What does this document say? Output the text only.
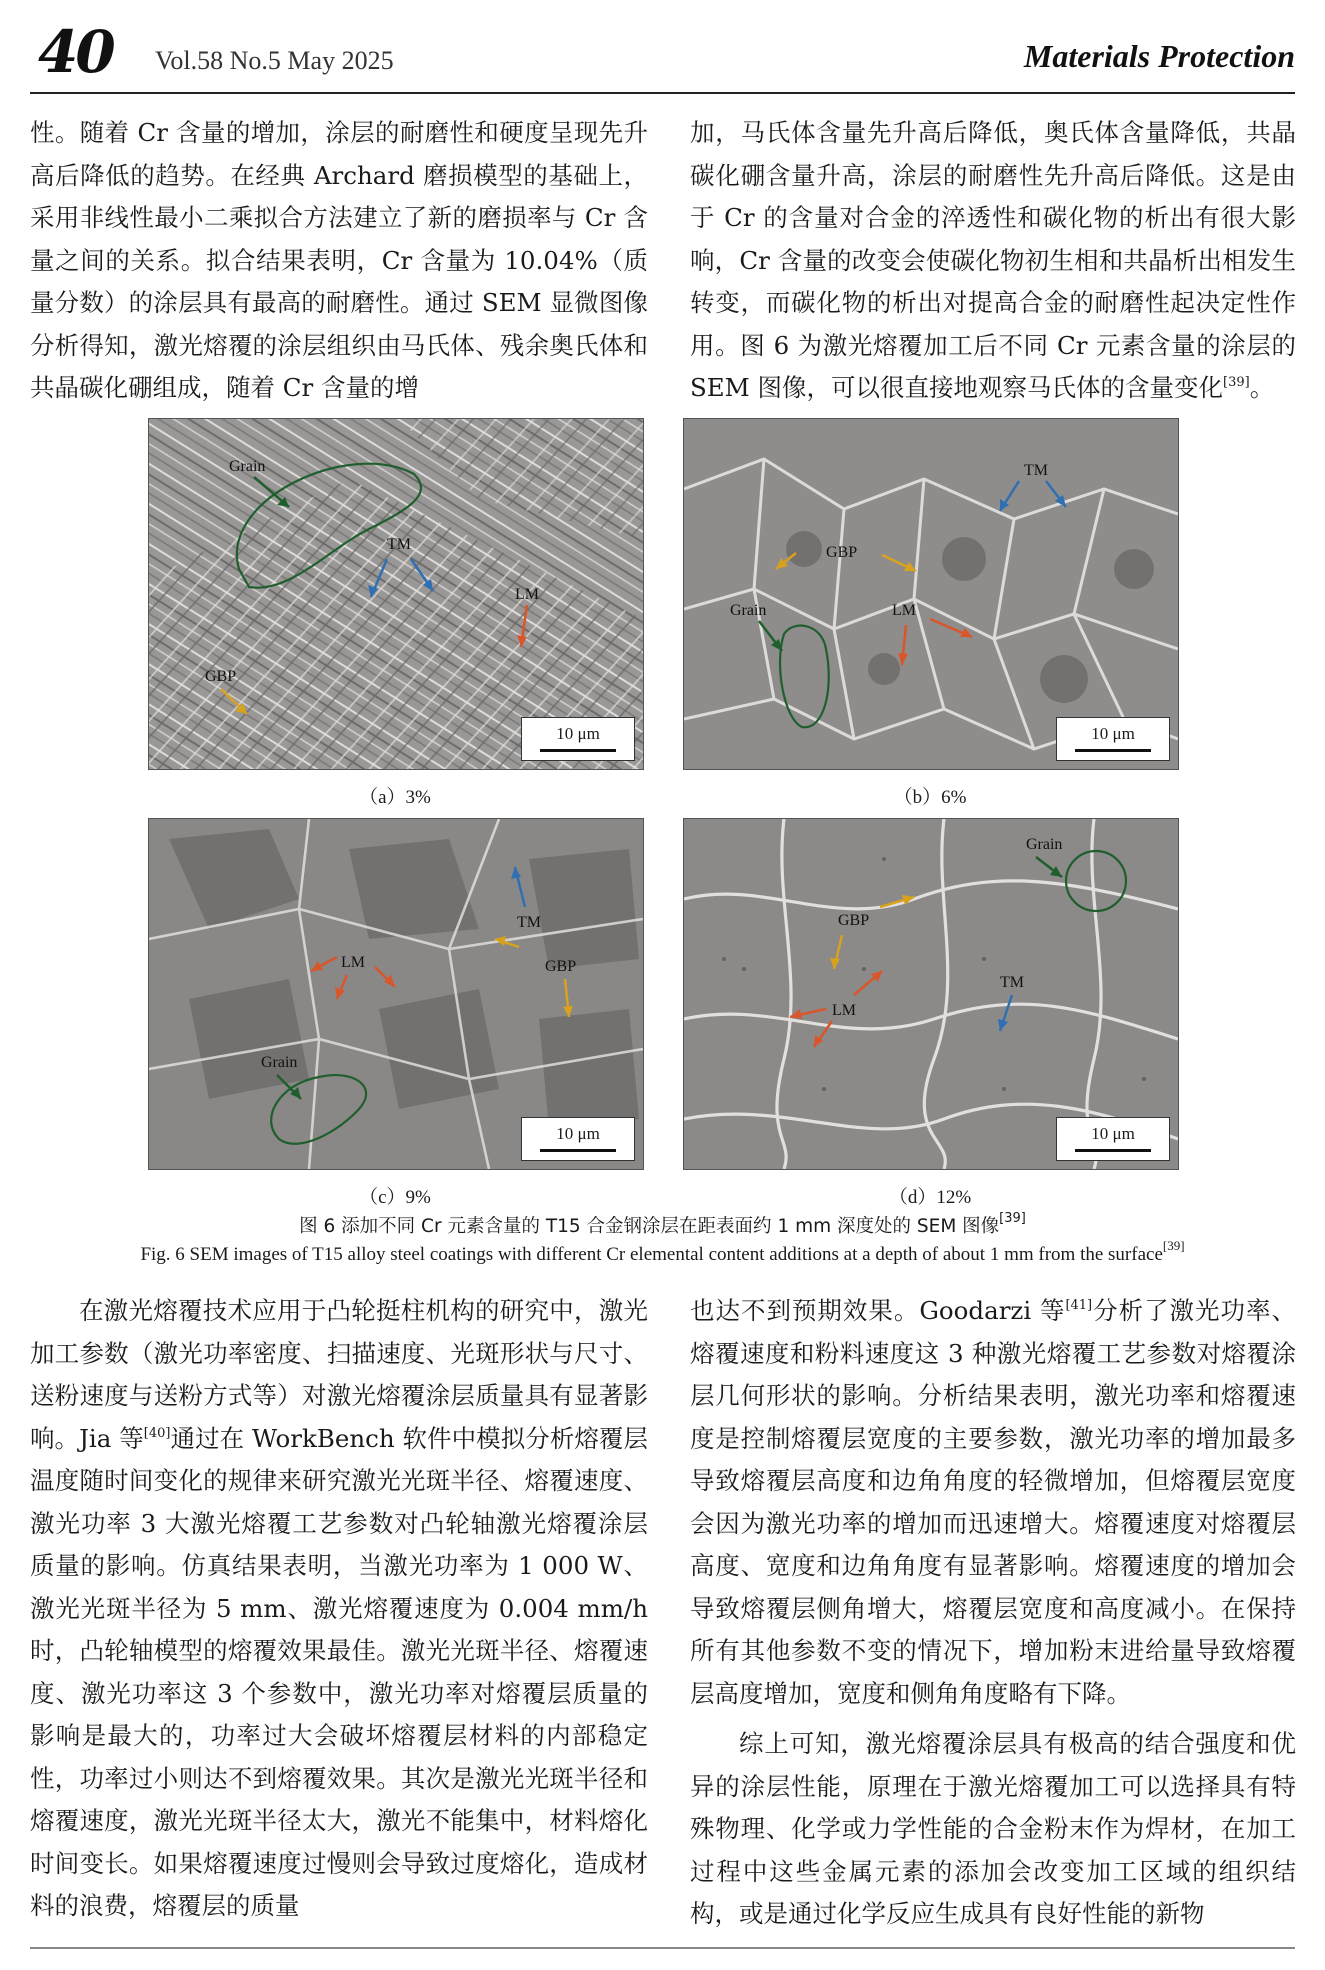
40 Vol.58 No.5 May 2025	Materials Protection

性。随着 Cr 含量的增加，涂层的耐磨性和硬度呈现先升高后降低的趋势。在经典 Archard 磨损模型的基础上，采用非线性最小二乘拟合方法建立了新的磨损率与 Cr 含量之间的关系。拟合结果表明，Cr 含量为 10.04%（质量分数）的涂层具有最高的耐磨性。通过 SEM 显微图像分析得知，激光熔覆的涂层组织由马氏体、残余奥氏体和共晶碳化硼组成，随着 Cr 含量的增

加，马氏体含量先升高后降低，奥氏体含量降低，共晶碳化硼含量升高，涂层的耐磨性先升高后降低。这是由于 Cr 的含量对合金的淬透性和碳化物的析出有很大影响，Cr 含量的改变会使碳化物初生相和共晶析出相发生转变，而碳化物的析出对提高合金的耐磨性起决定性作用。图 6 为激光熔覆加工后不同 Cr 元素含量的涂层的 SEM 图像，可以很直接地观察马氏体的含量变化[39]。

Grain
TM
LM
GBP
10 μm
Grain
TM
GBP
LM
10 μm
Grain
TM
GBP
LM
10 μm
Grain
GBP
TM
LM
10 μm
（a）3%	（b）6%
（c）9%	（d）12%
图 6 添加不同 Cr 元素含量的 T15 合金钢涂层在距表面约 1 mm 深度处的 SEM 图像[39]
Fig. 6 SEM images of T15 alloy steel coatings with different Cr elemental content additions at a depth of about 1 mm from the surface[39]

在激光熔覆技术应用于凸轮挺柱机构的研究中，激光加工参数（激光功率密度、扫描速度、光斑形状与尺寸、送粉速度与送粉方式等）对激光熔覆涂层质量具有显著影响。Jia 等[40]通过在 WorkBench 软件中模拟分析熔覆层温度随时间变化的规律来研究激光光斑半径、熔覆速度、激光功率 3 大激光熔覆工艺参数对凸轮轴激光熔覆涂层质量的影响。仿真结果表明，当激光功率为 1 000 W、激光光斑半径为 5 mm、激光熔覆速度为 0.004 mm/h 时，凸轮轴模型的熔覆效果最佳。激光光斑半径、熔覆速度、激光功率这 3 个参数中，激光功率对熔覆层质量的影响是最大的，功率过大会破坏熔覆层材料的内部稳定性，功率过小则达不到熔覆效果。其次是激光光斑半径和熔覆速度，激光光斑半径太大，激光不能集中，材料熔化时间变长。如果熔覆速度过慢则会导致过度熔化，造成材料的浪费，熔覆层的质量

也达不到预期效果。Goodarzi 等[41]分析了激光功率、熔覆速度和粉料速度这 3 种激光熔覆工艺参数对熔覆涂层几何形状的影响。分析结果表明，激光功率和熔覆速度是控制熔覆层宽度的主要参数，激光功率的增加最多导致熔覆层高度和边角角度的轻微增加，但熔覆层宽度会因为激光功率的增加而迅速增大。熔覆速度对熔覆层高度、宽度和边角角度有显著影响。熔覆速度的增加会导致熔覆层侧角增大，熔覆层宽度和高度减小。在保持所有其他参数不变的情况下，增加粉末进给量导致熔覆层高度增加，宽度和侧角角度略有下降。

综上可知，激光熔覆涂层具有极高的结合强度和优异的涂层性能，原理在于激光熔覆加工可以选择具有特殊物理、化学或力学性能的合金粉末作为焊材，在加工过程中这些金属元素的添加会改变加工区域的组织结构，或是通过化学反应生成具有良好性能的新物
